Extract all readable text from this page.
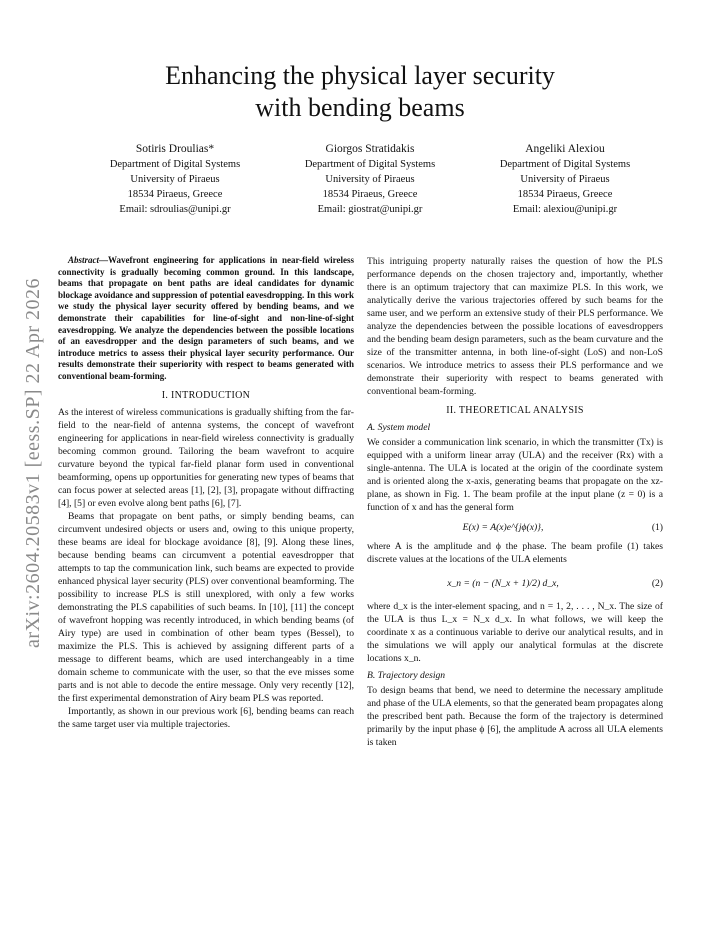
Enhancing the physical layer security
with bending beams
Sotiris Droulias*
Department of Digital Systems
University of Piraeus
18534 Piraeus, Greece
Email: sdroulias@unipi.gr
Giorgos Stratidakis
Department of Digital Systems
University of Piraeus
18534 Piraeus, Greece
Email: giostrat@unipi.gr
Angeliki Alexiou
Department of Digital Systems
University of Piraeus
18534 Piraeus, Greece
Email: alexiou@unipi.gr
arXiv:2604.20583v1 [eess.SP] 22 Apr 2026

Abstract—Wavefront engineering for applications in near-field wireless connectivity is gradually becoming common ground. In this landscape, beams that propagate on bent paths are ideal candidates for dynamic blockage avoidance and suppression of potential eavesdropping. In this work we study the physical layer security offered by bending beams, and we demonstrate their capabilities for line-of-sight and non-line-of-sight eavesdropping. We analyze the dependencies between the possible locations of an eavesdropper and the design parameters of such beams, and we introduce metrics to assess their physical layer security performance. Our results demonstrate their superiority with respect to beams generated with conventional beam-forming.

I. INTRODUCTION

As the interest of wireless communications is gradually shifting from the far-field to the near-field of antenna systems, the concept of wavefront engineering for applications in near-field wireless connectivity is gradually becoming common ground. Tailoring the beam wavefront to acquire curvature beyond the typical far-field planar form used in conventional beamforming, opens up opportunities for generating new types of beams that can focus power at selected areas [1], [2], [3], propagate without diffracting [4], [5] or even evolve along bent paths [6], [7].

Beams that propagate on bent paths, or simply bending beams, can circumvent undesired objects or users and, owing to this unique property, these beams are ideal for blockage avoidance [8], [9]. Along these lines, because bending beams can circumvent a potential eavesdropper that attempts to tap the communication link, such beams are expected to provide enhanced physical layer security (PLS) over conventional beamforming. The possibility to increase PLS is still unexplored, with only a few works demonstrating the PLS capabilities of such beams. In [10], [11] the concept of wavefront hopping was recently introduced, in which bending beams (of Airy type) are used in combination of other beam types (Bessel), to maximize the PLS. This is achieved by assigning different parts of a message to different beams, which are used interchangeably in a time domain scheme to communicate with the user, so that the eve misses some parts and is not able to decode the entire message. Only very recently [12], the first experimental demonstration of Airy beam PLS was reported.

Importantly, as shown in our previous work [6], bending beams can reach the same target user via multiple trajectories.

This intriguing property naturally raises the question of how the PLS performance depends on the chosen trajectory and, importantly, whether there is an optimum trajectory that can maximize PLS. In this work, we analytically derive the various trajectories offered by such beams for the same user, and we perform an extensive study of their PLS performance. We analyze the dependencies between the possible locations of eavesdroppers and the bending beam design parameters, such as the beam curvature and the size of the transmitter antenna, in both line-of-sight (LoS) and non-LoS scenarios. We introduce metrics to assess their PLS performance and we demonstrate their superiority with respect to beams generated with conventional beam-forming.

II. THEORETICAL ANALYSIS
A. System model

We consider a communication link scenario, in which the transmitter (Tx) is equipped with a uniform linear array (ULA) and the receiver (Rx) with a single-antenna. The ULA is located at the origin of the coordinate system and is oriented along the x-axis, generating beams that propagate on the xz-plane, as shown in Fig. 1. The beam profile at the input plane (z = 0) is a function of x and has the general form

E(x) = A(x)e^{jϕ(x)},	(1)

where A is the amplitude and ϕ the phase. The beam profile (1) takes discrete values at the locations of the ULA elements

x_n = (n − (N_x + 1)/2) d_x,	(2)

where d_x is the inter-element spacing, and n = 1, 2, . . . , N_x. The size of the ULA is thus L_x = N_x d_x. In what follows, we will keep the coordinate x as a continuous variable to derive our analytical results, and in the simulations we will apply our analytical formulas at the discrete locations x_n.

B. Trajectory design

To design beams that bend, we need to determine the necessary amplitude and phase of the ULA elements, so that the generated beam propagates along the prescribed bent path. Because the form of the trajectory is determined primarily by the input phase ϕ [6], the amplitude A across all ULA elements is taken
